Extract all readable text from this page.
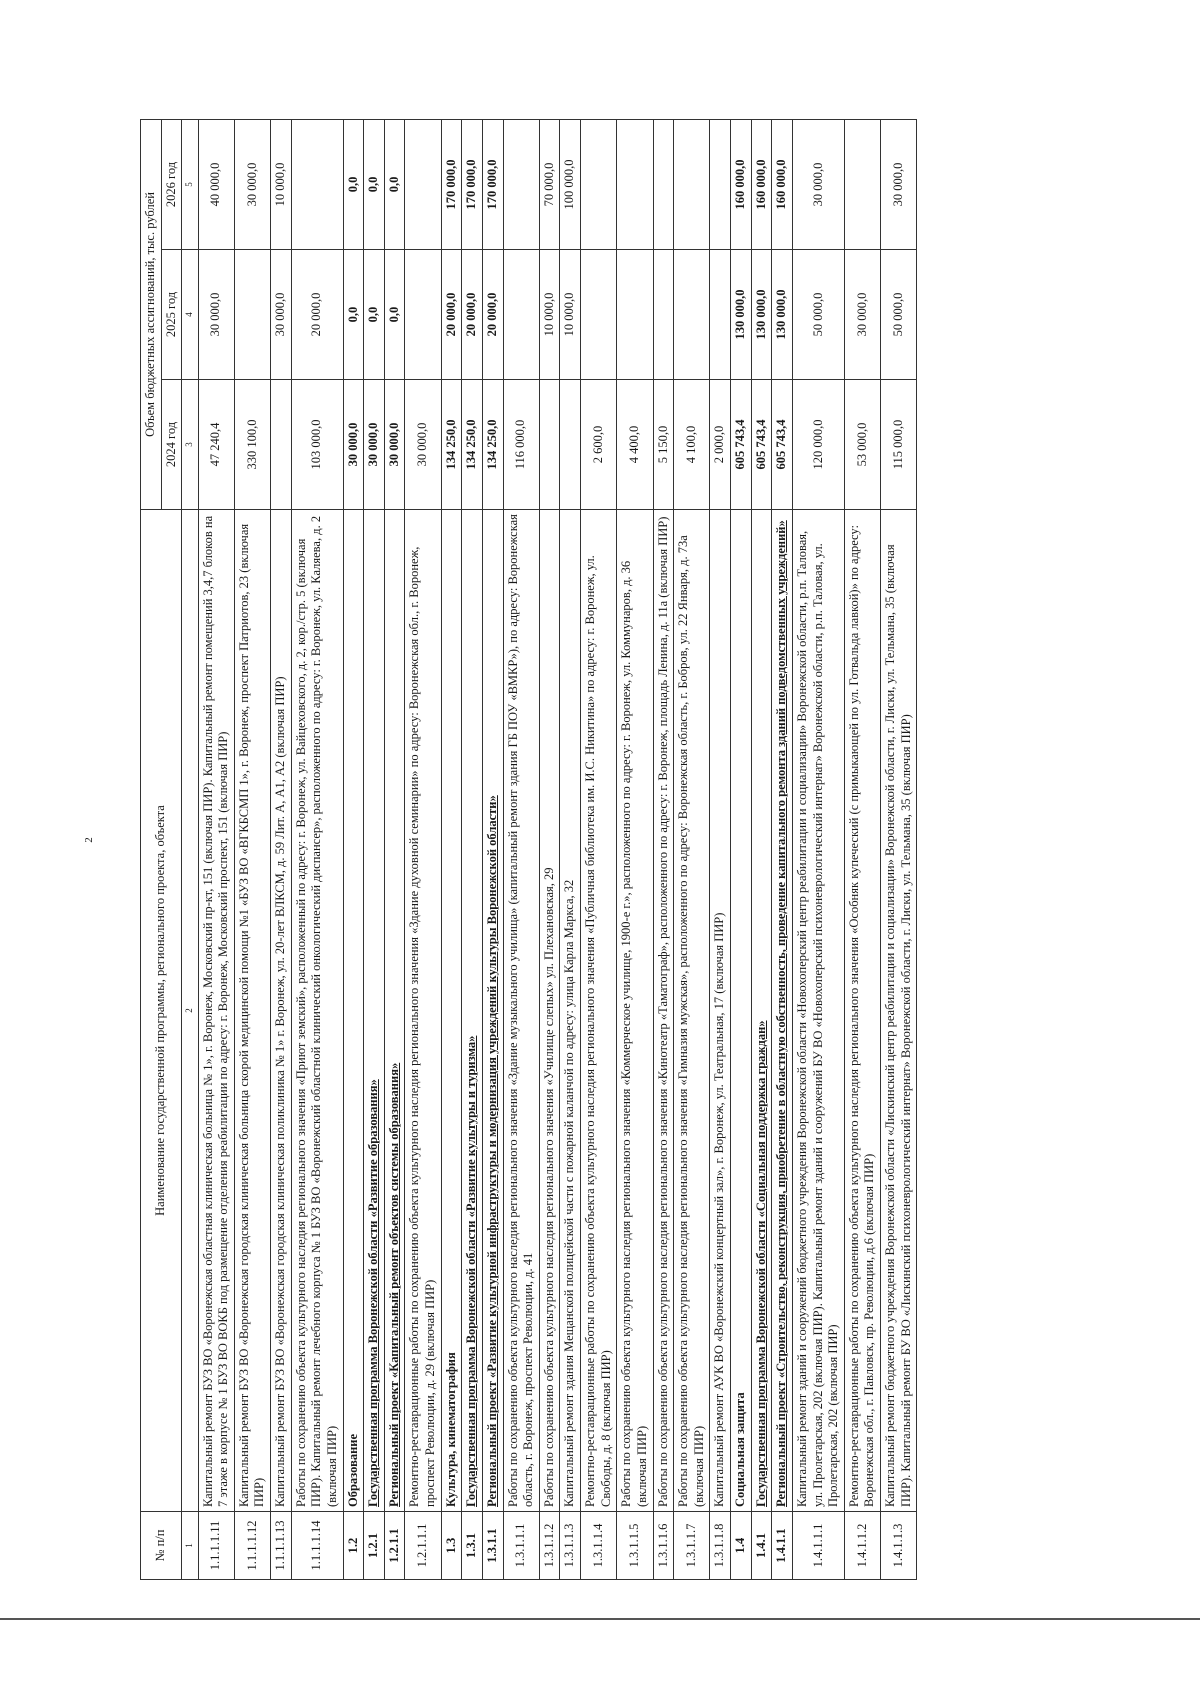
2
№ п/п	Наименование государственной программы, регионального проекта, объекта	Объем бюджетных ассигнований, тыс. рублей		
		2024 год	2025 год	2026 год
1	2	3	4	5
1.1.1.1.11	Капитальный ремонт БУЗ ВО «Воронежская областная клиническая больница № 1», г. Воронеж, Московский пр-кт, 151 (включая ПИР). Капитальный ремонт помещений 3,4,7 блоков на 7 этаже в корпусе № 1 БУЗ ВО ВОКБ под размещение отделения реабилитации по адресу: г. Воронеж, Московский проспект, 151 (включая ПИР)	47 240,4	30 000,0	40 000,0
1.1.1.1.12	Капитальный ремонт БУЗ ВО «Воронежская городская клиническая больница скорой медицинской помощи №1 «БУЗ ВО «ВГКБСМП 1», г. Воронеж, проспект Патриотов, 23 (включая ПИР)	330 100,0		30 000,0
1.1.1.1.13	Капитальный ремонт БУЗ ВО «Воронежская городская клиническая поликлиника № 1» г. Воронеж, ул. 20-лет ВЛКСМ, д. 59 Лит. А, А1, А2 (включая ПИР)		30 000,0	10 000,0
1.1.1.1.14	Работы по сохранению объекта культурного наследия регионального значения «Приют земский», расположенный по адресу: г. Воронеж, ул. Вайцеховского, д. 2, кор./стр. 5 (включая ПИР). Капитальный ремонт лечебного корпуса № 1 БУЗ ВО «Воронежский областной клинический онкологический диспансер», расположенного по адресу: г. Воронеж, ул. Каляева, д. 2 (включая ПИР)	103 000,0	20 000,0	
1.2	Образование	30 000,0	0,0	0,0
1.2.1	Государственная программа Воронежской области «Развитие образования»	30 000,0	0,0	0,0
1.2.1.1	Региональный проект «Капитальный ремонт объектов системы образования»	30 000,0	0,0	0,0
1.2.1.1.1	Ремонтно-реставрационные работы по сохранению объекта культурного наследия регионального значения «Здание духовной семинарии» по адресу: Воронежская обл., г. Воронеж, проспект Революции, д. 29 (включая ПИР)	30 000,0		
1.3	Культура, кинематография	134 250,0	20 000,0	170 000,0
1.3.1	Государственная программа Воронежской области «Развитие культуры и туризма»	134 250,0	20 000,0	170 000,0
1.3.1.1	Региональный проект «Развитие культурной инфраструктуры и модернизация учреждений культуры Воронежской области»	134 250,0	20 000,0	170 000,0
1.3.1.1.1	Работы по сохранению объекта культурного наследия регионального значения «Здание музыкального училища» (капитальный ремонт здания ГБ ПОУ «ВМКР»), по адресу: Воронежская область, г. Воронеж, проспект Революции, д. 41	116 000,0		
1.3.1.1.2	Работы по сохранению объекта культурного наследия регионального значения «Училище слепых» ул. Плехановская, 29		10 000,0	70 000,0
1.3.1.1.3	Капитальный ремонт здания Мещанской полицейской части с пожарной каланчой по адресу: улица Карла Маркса, 32		10 000,0	100 000,0
1.3.1.1.4	Ремонтно-реставрационные работы по сохранению объекта культурного наследия регионального значения «Публичная библиотека им. И.С. Никитина» по адресу: г. Воронеж, ул. Свободы, д. 8 (включая ПИР)	2 600,0		
1.3.1.1.5	Работы по сохранению объекта культурного наследия регионального значения «Коммерческое училище, 1900-е г.», расположенного по адресу: г. Воронеж, ул. Коммунаров, д. 36 (включая ПИР)	4 400,0		
1.3.1.1.6	Работы по сохранению объекта культурного наследия регионального значения «Кинотеатр «Таматограф», расположенного по адресу: г. Воронеж, площадь Ленина, д. 11а (включая ПИР)	5 150,0		
1.3.1.1.7	Работы по сохранению объекта культурного наследия регионального значения «Гимназия мужская», расположенного по адресу: Воронежская область, г. Бобров, ул. 22 Января, д. 73а (включая ПИР)	4 100,0		
1.3.1.1.8	Капитальный ремонт АУК ВО «Воронежский концертный зал», г. Воронеж, ул. Театральная, 17 (включая ПИР)	2 000,0		
1.4	Социальная защита	605 743,4	130 000,0	160 000,0
1.4.1	Государственная программа Воронежской области «Социальная поддержка граждан»	605 743,4	130 000,0	160 000,0
1.4.1.1	Региональный проект «Строительство, реконструкция, приобретение в областную собственность, проведение капитального ремонта зданий подведомственных учреждений»	605 743,4	130 000,0	160 000,0
1.4.1.1.1	Капитальный ремонт зданий и сооружений бюджетного учреждения Воронежской области «Новохоперский центр реабилитации и социализации» Воронежской области, р.п. Таловая, ул. Пролетарская, 202 (включая ПИР). Капитальный ремонт зданий и сооружений БУ ВО «Новохоперский психоневрологический интернат» Воронежской области, р.п. Таловая, ул. Пролетарская, 202 (включая ПИР)	120 000,0	50 000,0	30 000,0
1.4.1.1.2	Ремонтно-реставрационные работы по сохранению объекта культурного наследия регионального значения «Особняк купеческий (с примыкающей по ул. Готвальда лавкой)» по адресу: Воронежская обл., г. Павловск, пр. Революции, д.6 (включая ПИР)	53 000,0	30 000,0	
1.4.1.1.3	Капитальный ремонт бюджетного учреждения Воронежской области «Лискинский центр реабилитации и социализации» Воронежской области, г. Лиски, ул. Тельмана, 35 (включая ПИР). Капитальный ремонт БУ ВО «Лискинский психоневрологический интернат» Воронежской области, г. Лиски, ул. Тельмана, 35 (включая ПИР)	115 000,0	50 000,0	30 000,0
